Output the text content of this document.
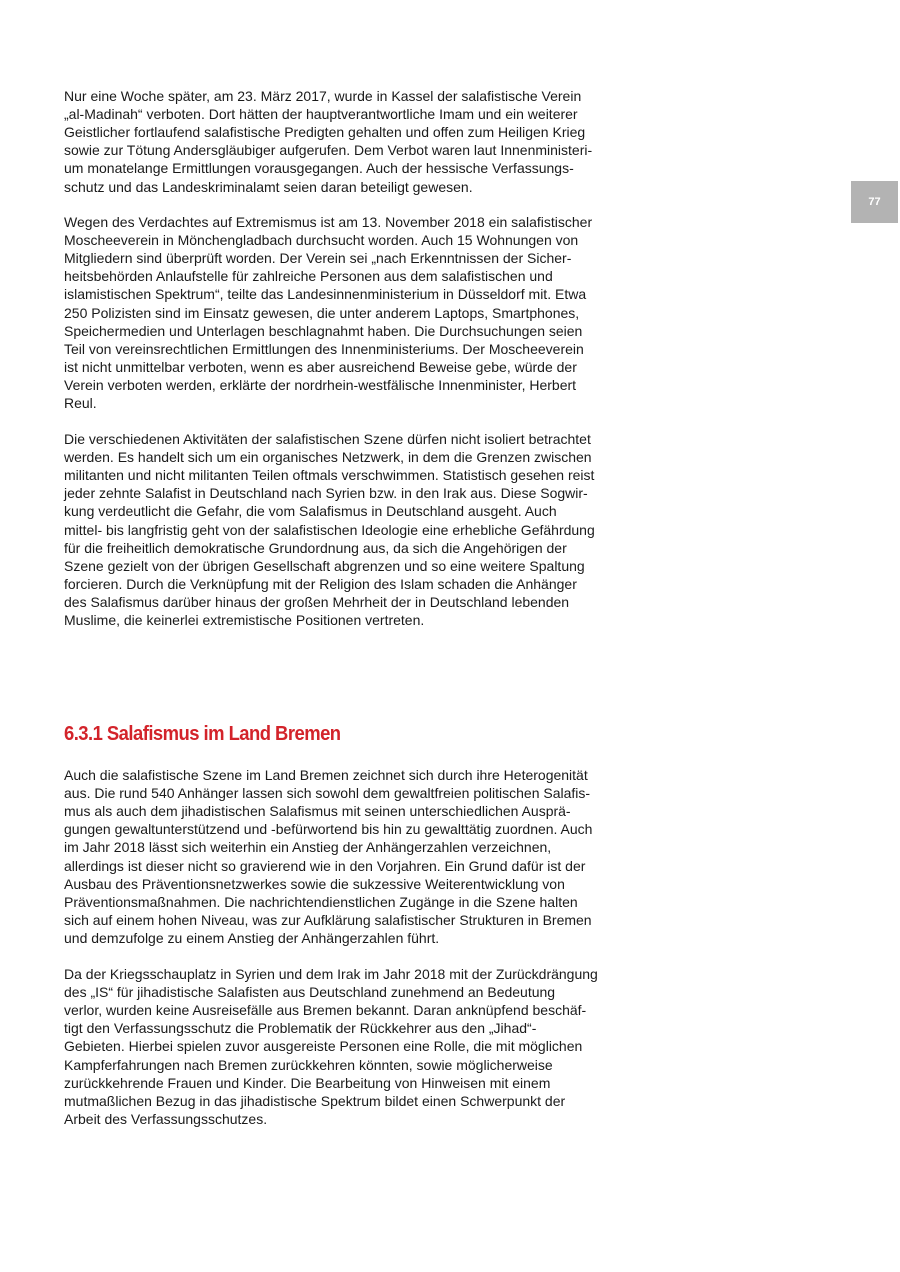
77
6.3.1 Salafismus im Land Bremen
Nur eine Woche später, am 23. März 2017, wurde in Kassel der salafistische Verein
„al-Madinah“ verboten. Dort hätten der hauptverantwortliche Imam und ein weiterer
Geistlicher fortlaufend salafistische Predigten gehalten und offen zum Heiligen Krieg
sowie zur Tötung Andersgläubiger aufgerufen. Dem Verbot waren laut Innenministeri-
um monatelange Ermittlungen vorausgegangen. Auch der hessische Verfassungs-
schutz und das Landeskriminalamt seien daran beteiligt gewesen.
Wegen des Verdachtes auf Extremismus ist am 13. November 2018 ein salafistischer
Moscheeverein in Mönchengladbach durchsucht worden. Auch 15 Wohnungen von
Mitgliedern sind überprüft worden. Der Verein sei „nach Erkenntnissen der Sicher-
heitsbehörden Anlaufstelle für zahlreiche Personen aus dem salafistischen und
islamistischen Spektrum“, teilte das Landesinnenministerium in Düsseldorf mit. Etwa
250 Polizisten sind im Einsatz gewesen, die unter anderem Laptops, Smartphones,
Speichermedien und Unterlagen beschlagnahmt haben. Die Durchsuchungen seien
Teil von vereinsrechtlichen Ermittlungen des Innenministeriums. Der Moscheeverein
ist nicht unmittelbar verboten, wenn es aber ausreichend Beweise gebe, würde der
Verein verboten werden, erklärte der nordrhein-westfälische Innenminister, Herbert
Reul.
Die verschiedenen Aktivitäten der salafistischen Szene dürfen nicht isoliert betrachtet
werden. Es handelt sich um ein organisches Netzwerk, in dem die Grenzen zwischen
militanten und nicht militanten Teilen oftmals verschwimmen. Statistisch gesehen reist
jeder zehnte Salafist in Deutschland nach Syrien bzw. in den Irak aus. Diese Sogwir-
kung verdeutlicht die Gefahr, die vom Salafismus in Deutschland ausgeht. Auch
mittel- bis langfristig geht von der salafistischen Ideologie eine erhebliche Gefährdung
für die freiheitlich demokratische Grundordnung aus, da sich die Angehörigen der
Szene gezielt von der übrigen Gesellschaft abgrenzen und so eine weitere Spaltung
forcieren. Durch die Verknüpfung mit der Religion des Islam schaden die Anhänger
des Salafismus darüber hinaus der großen Mehrheit der in Deutschland lebenden
Muslime, die keinerlei extremistische Positionen vertreten.
Auch die salafistische Szene im Land Bremen zeichnet sich durch ihre Heterogenität
aus. Die rund 540 Anhänger lassen sich sowohl dem gewaltfreien politischen Salafis-
mus als auch dem jihadistischen Salafismus mit seinen unterschiedlichen Ausprä-
gungen gewaltunterstützend und -befürwortend bis hin zu gewalttätig zuordnen. Auch
im Jahr 2018 lässt sich weiterhin ein Anstieg der Anhängerzahlen verzeichnen,
allerdings ist dieser nicht so gravierend wie in den Vorjahren. Ein Grund dafür ist der
Ausbau des Präventionsnetzwerkes sowie die sukzessive Weiterentwicklung von
Präventionsmaßnahmen. Die nachrichtendienstlichen Zugänge in die Szene halten
sich auf einem hohen Niveau, was zur Aufklärung salafistischer Strukturen in Bremen
und demzufolge zu einem Anstieg der Anhängerzahlen führt.
Da der Kriegsschauplatz in Syrien und dem Irak im Jahr 2018 mit der Zurückdrängung
des „IS“ für jihadistische Salafisten aus Deutschland zunehmend an Bedeutung
verlor, wurden keine Ausreisefälle aus Bremen bekannt. Daran anknüpfend beschäf-
tigt den Verfassungsschutz die Problematik der Rückkehrer aus den „Jihad“-
Gebieten. Hierbei spielen zuvor ausgereiste Personen eine Rolle, die mit möglichen
Kampferfahrungen nach Bremen zurückkehren könnten, sowie möglicherweise
zurückkehrende Frauen und Kinder. Die Bearbeitung von Hinweisen mit einem
mutmaßlichen Bezug in das jihadistische Spektrum bildet einen Schwerpunkt der
Arbeit des Verfassungsschutzes.
